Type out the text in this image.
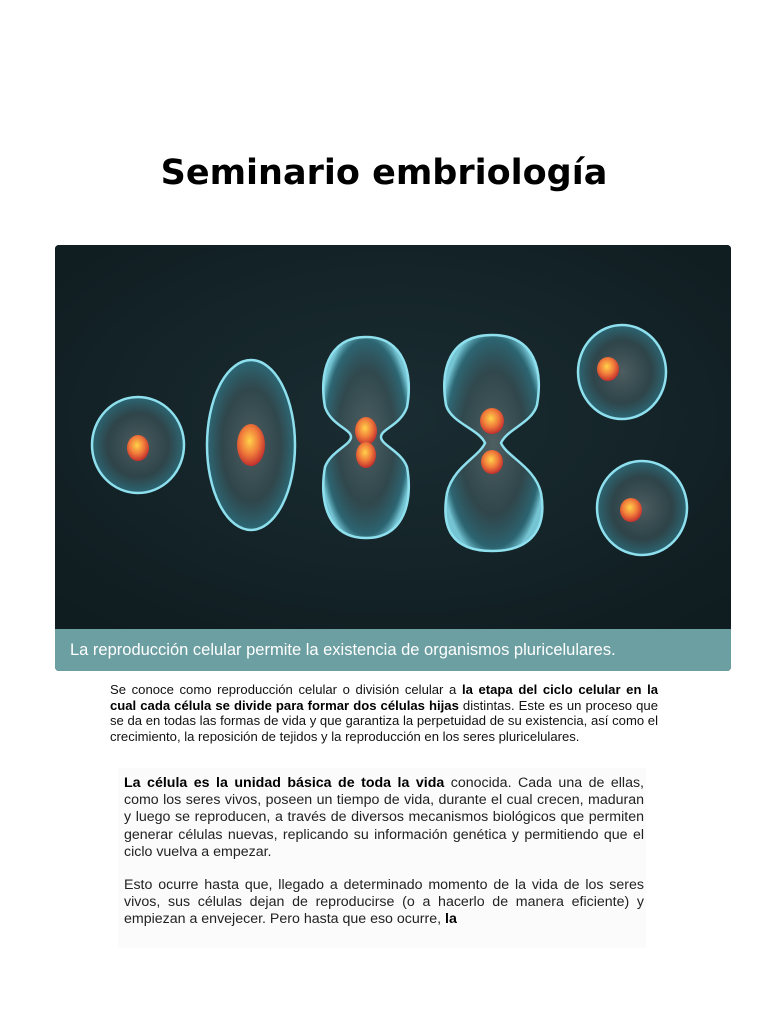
Seminario embriología
La reproducción celular permite la existencia de organismos pluricelulares.

Se conoce como reproducción celular o división celular a la etapa del ciclo celular en la cual cada célula se divide para formar dos células hijas distintas. Este es un proceso que se da en todas las formas de vida y que garantiza la perpetuidad de su existencia, así como el crecimiento, la reposición de tejidos y la reproducción en los seres pluricelulares.

La célula es la unidad básica de toda la vida conocida. Cada una de ellas, como los seres vivos, poseen un tiempo de vida, durante el cual crecen, maduran y luego se reproducen, a través de diversos mecanismos biológicos que permiten generar células nuevas, replicando su información genética y permitiendo que el ciclo vuelva a empezar.

Esto ocurre hasta que, llegado a determinado momento de la vida de los seres vivos, sus células dejan de reproducirse (o a hacerlo de manera eficiente) y empiezan a envejecer. Pero hasta que eso ocurre, la
